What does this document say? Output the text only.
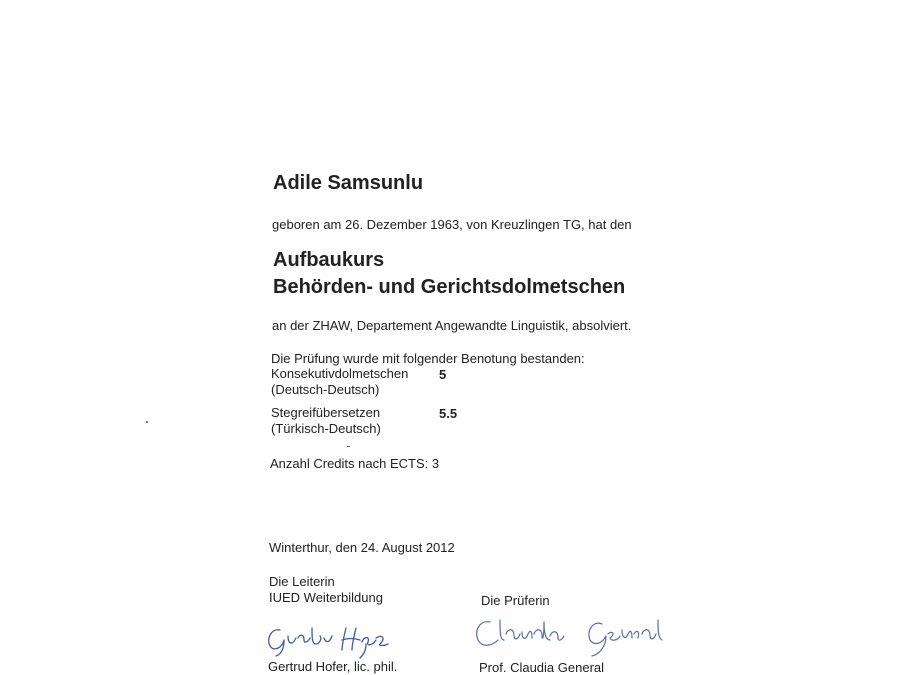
Adile Samsunlu
geboren am 26. Dezember 1963, von Kreuzlingen TG, hat den
Aufbaukurs
Behörden- und Gerichtsdolmetschen
an der ZHAW, Departement Angewandte Linguistik, absolviert.
Die Prüfung wurde mit folgender Benotung bestanden:
Konsekutivdolmetschen 5
(Deutsch-Deutsch)
Stegreifübersetzen	5.5
(Türkisch-Deutsch)
Anzahl Credits nach ECTS: 3
Winterthur, den 24. August 2012
Die Leiterin
IUED Weiterbildung
Gertrud Hofer, lic. phil.
Die Prüferin
Prof. Claudia General
